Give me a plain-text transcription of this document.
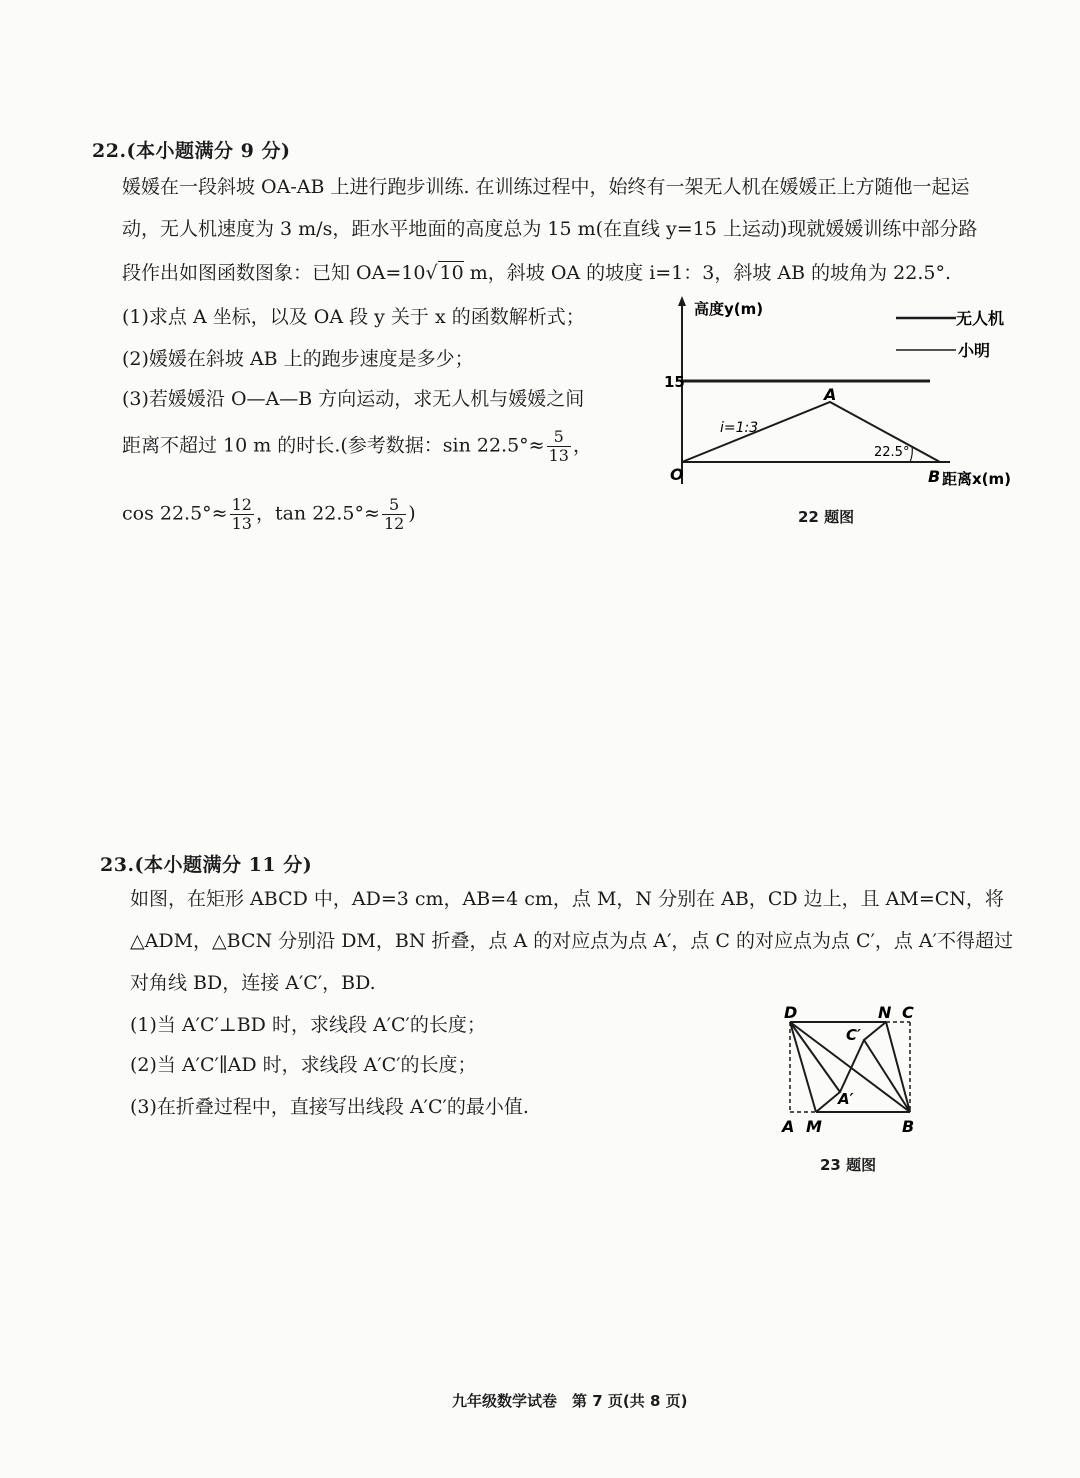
22.(本小题满分 9 分)
媛媛在一段斜坡 OA-AB 上进行跑步训练. 在训练过程中，始终有一架无人机在媛媛正上方随他一起运
动，无人机速度为 3 m/s，距水平地面的高度总为 15 m(在直线 y=15 上运动)现就媛媛训练中部分路
段作出如图函数图象：已知 OA=10√ 10 m，斜坡 OA 的坡度 i=1：3，斜坡 AB 的坡角为 22.5°.
(1)求点 A 坐标，以及 OA 段 y 关于 x 的函数解析式；
(2)媛媛在斜坡 AB 上的跑步速度是多少；
(3)若媛媛沿 O—A—B 方向运动，求无人机与媛媛之间
距离不超过 10 m 的时长.(参考数据：$\sin 22.5^\circ\approx \frac{5}{13}$ ，
$\cos 22.5^\circ\approx \frac{12}{13}$ ，$\tan 22.5^\circ\approx \frac{5}{12}$ )
高度y(m)	无人机
小明
15
A
i=1:3
22.5°
O	B 距离x(m)
22 题图
23.(本小题满分 11 分)
如图，在矩形 ABCD 中，AD=3 cm，AB=4 cm，点 M，N 分别在 AB，CD 边上，且 AM=CN，将
△ADM，△BCN 分别沿 DM，BN 折叠，点 A 的对应点为点 A′，点 C 的对应点为点 C′，点 A′不得超过
对角线 BD，连接 A′C′，BD.
(1)当 A′C′⊥BD 时，求线段 A′C′的长度；
(2)当 A′C′∥AD 时，求线段 A′C′的长度；
(3)在折叠过程中，直接写出线段 A′C′的最小值.
D	N C
C′
A′
A M	B
23 题图
九年级数学试卷　第 7 页(共 8 页)
